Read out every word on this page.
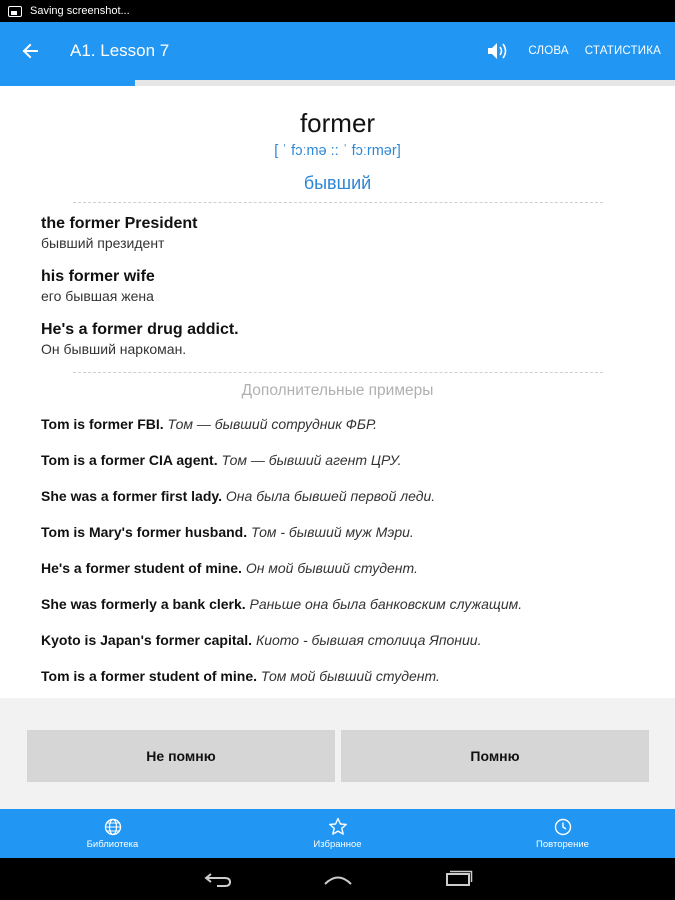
Saving screenshot...
A1. Lesson 7	СЛОВА	СТАТИСТИКА
former
[ ˈ fɔːmə :: ˈ fɔːrmər]
бывший
the former President
бывший президент
his former wife
его бывшая жена
He's a former drug addict.
Он бывший наркоман.
Дополнительные примеры
Tom is former FBI. Том — бывший сотрудник ФБР.
Tom is a former CIA agent. Том — бывший агент ЦРУ.
She was a former first lady. Она была бывшей первой леди.
Tom is Mary's former husband. Том - бывший муж Мэри.
He's a former student of mine. Он мой бывший студент.
She was formerly a bank clerk. Раньше она была банковским служащим.
Kyoto is Japan's former capital. Киото - бывшая столица Японии.
Tom is a former student of mine. Том мой бывший студент.
Не помню	Помню
Библиотека	Избранное	Повторение
